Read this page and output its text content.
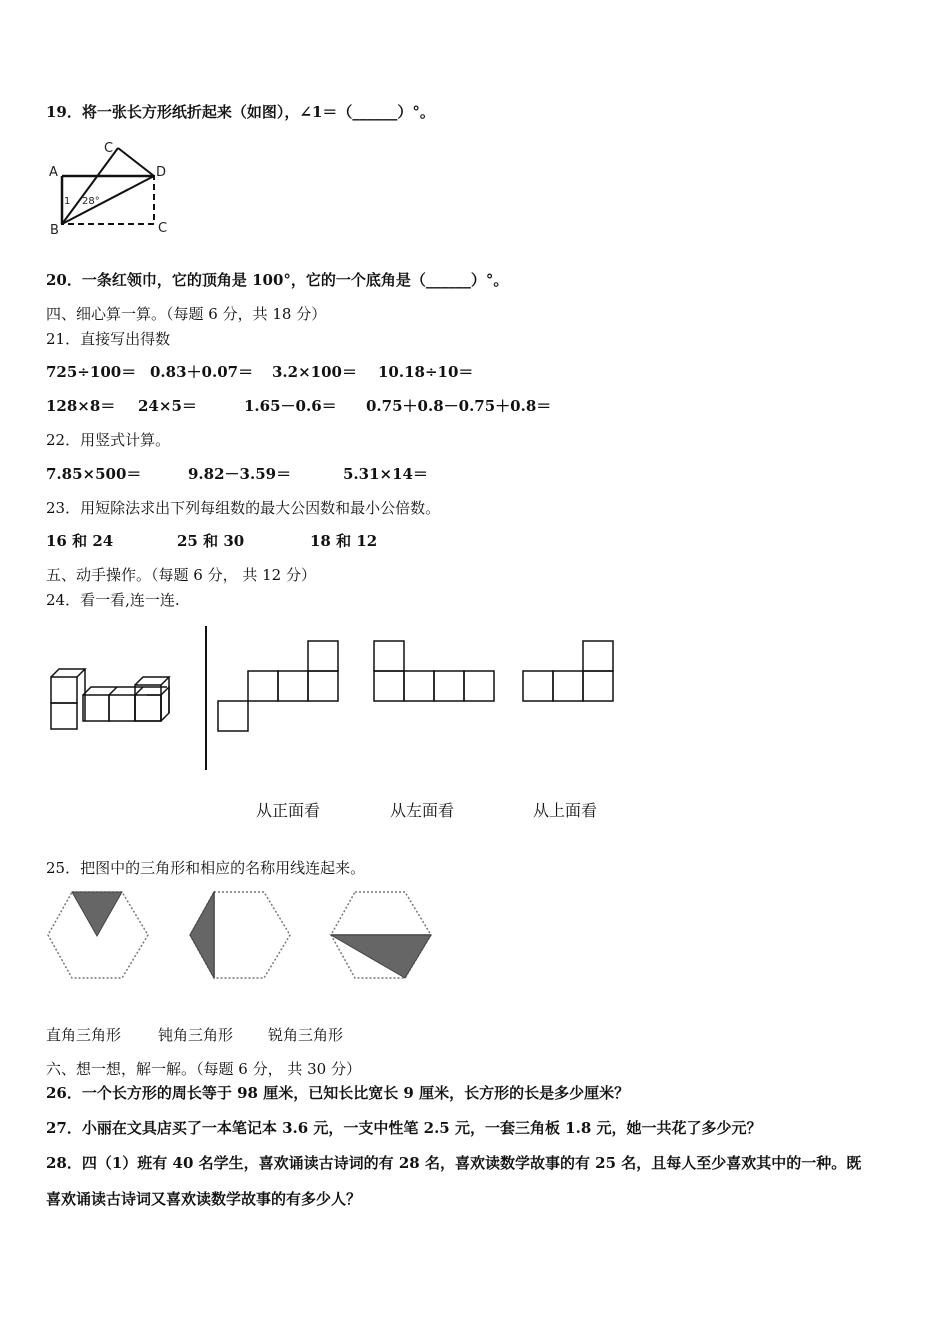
19．将一张长方形纸折起来（如图），∠1＝（______）°。
A
C
D
1 28°
B	C
20．一条红领巾，它的顶角是 100°，它的一个底角是（______）°。
四、细心算一算。（每题 6 分，共 18 分）
21．直接写出得数
725÷100＝ 0.83＋0.07＝ 3.2×100＝ 10.18÷10＝
128×8＝ 24×5＝	1.65－0.6＝ 0.75＋0.8－0.75＋0.8＝
22．用竖式计算。
7.85×500＝	9.82－3.59＝	5.31×14＝
23．用短除法求出下列每组数的最大公因数和最小公倍数。
16 和 24	25 和 30	18 和 12
五、动手操作。（每题 6 分， 共 12 分）
24．看一看,连一连.
从正面看	从左面看	从上面看
25．把图中的三角形和相应的名称用线连起来。
直角三角形 钝角三角形 锐角三角形
六、想一想，解一解。（每题 6 分， 共 30 分）
26．一个长方形的周长等于 98 厘米，已知长比宽长 9 厘米，长方形的长是多少厘米？
27．小丽在文具店买了一本笔记本 3.6 元，一支中性笔 2.5 元，一套三角板 1.8 元，她一共花了多少元？
28．四（1）班有 40 名学生，喜欢诵读古诗词的有 28 名，喜欢读数学故事的有 25 名，且每人至少喜欢其中的一种。既
喜欢诵读古诗词又喜欢读数学故事的有多少人？
